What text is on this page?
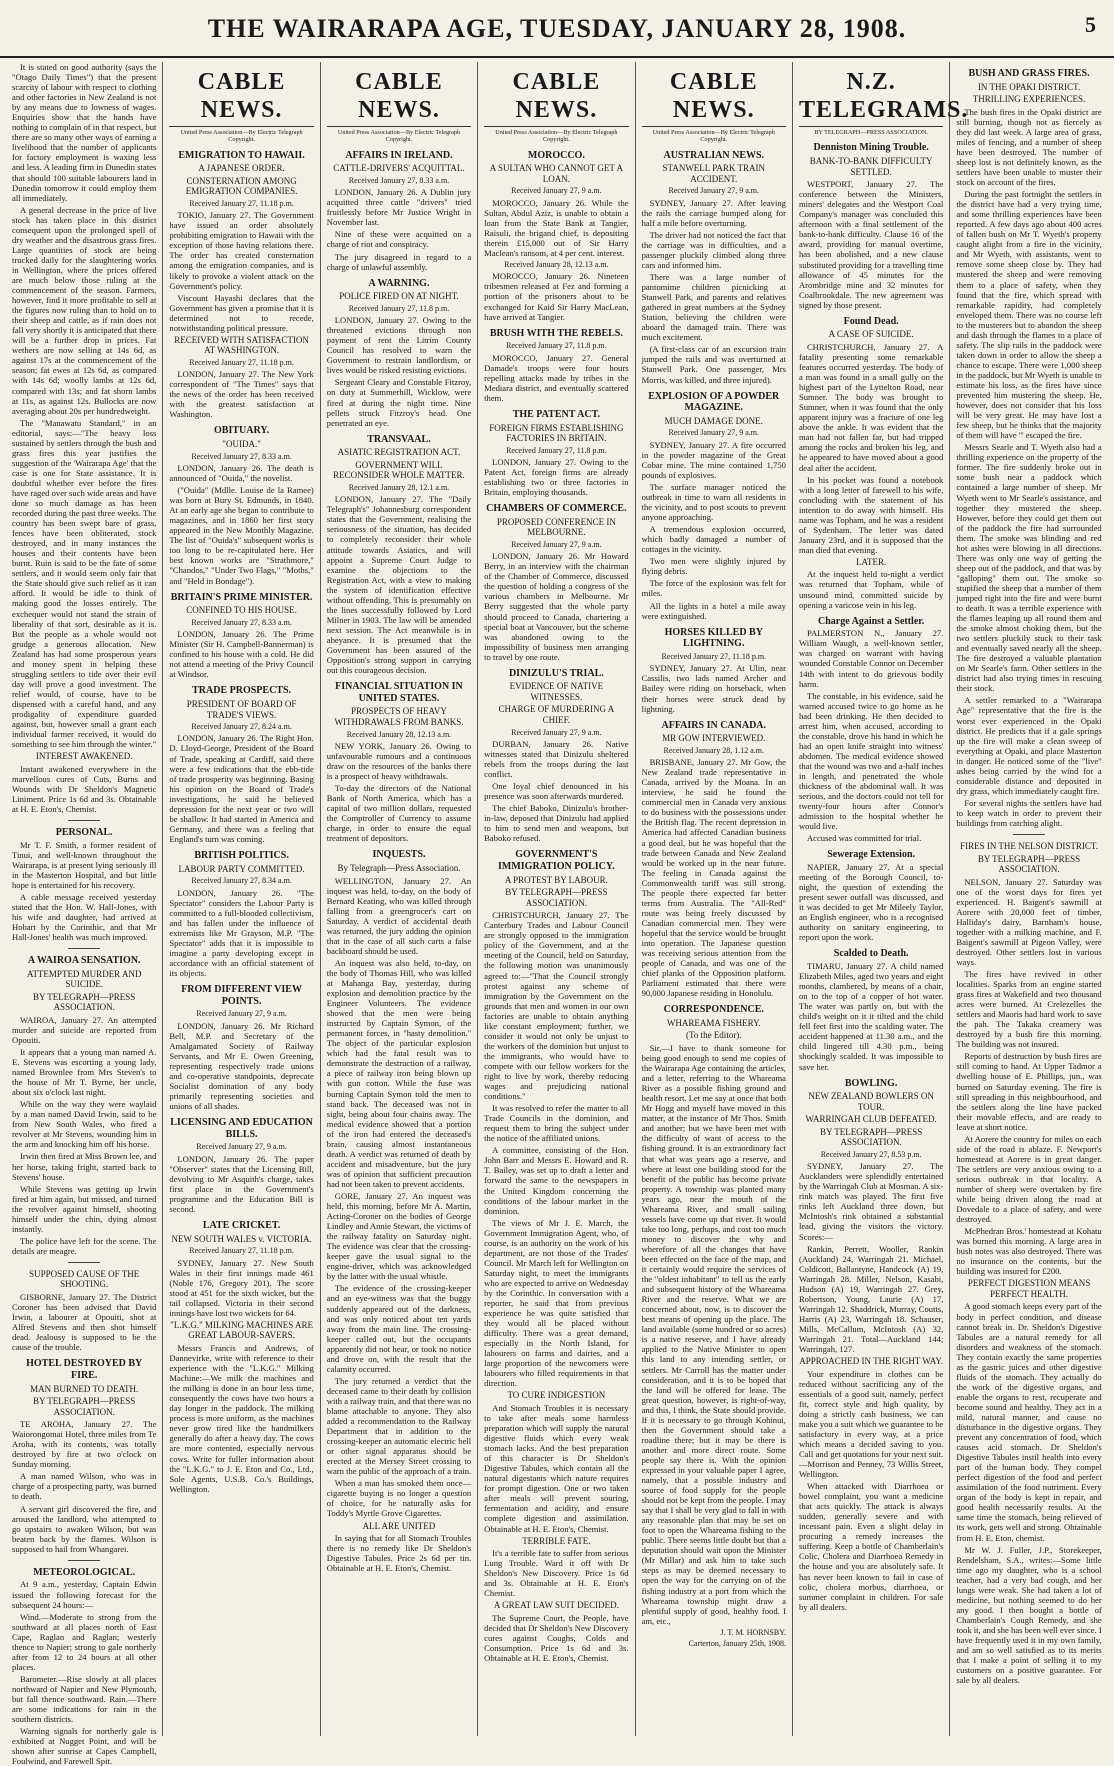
THE WAIRARAPA AGE, TUESDAY, JANUARY 28, 1908.	5

It is stated on good authority (says the "Otago Daily Times") that the present scarcity of labour with respect to clothing and other factories in New Zealand is not by any means due to lowness of wages. Enquiries show that the hands have nothing to complain of in that respect, but there are so many other ways of earning a livelihood that the number of applicants for factory employment is waxing less and less. A leading firm in Dunedin states that should 100 suitable labourers land in Dunedin tomorrow it could employ them all immediately.

A general decrease in the price of live stock has taken place in this district consequent upon the prolonged spell of dry weather and the disastrous grass fires. Large quantities of stock are being trucked daily for the slaughtering works in Wellington, where the prices offered are much below those ruling at the commencement of the season. Farmers, however, find it more profitable to sell at the figures now ruling than to hold on to their sheep and cattle, as if rain does not fall very shortly it is anticipated that there will be a further drop in prices. Fat wethers are now selling at 14s 6d, as against 17s at the commencement of the season; fat ewes at 12s 6d, as compared with 14s 6d; woolly lambs at 12s 6d, compared with 13s; and fat shorn lambs at 11s, as against 12s. Bullocks are now averaging about 20s per hundredweight.

The "Manawatu Standard," in an editorial, says:—"The heavy loss sustained by settlers through the bush and grass fires this year justifies the suggestion of the 'Wairarapa Age' that the case is one for State assistance. It is doubtful whether ever before the fires have raged over such wide areas and have done so much damage as has been recorded during the past three weeks. The country has been swept bare of grass, fences have been obliterated, stock destroyed, and in many instances the houses and their contents have been burnt. Ruin is said to be the fate of some settlers, and it would seem only fair that the State should give such relief as it can afford. It would be idle to think of making good the losses entirely. The exchequer would not stand the strain of liberality of that sort, desirable as it is. But the people as a whole would not grudge a generous allocation. New Zealand has had some prosperous years and money spent in helping these struggling settlers to tide over their evil day will prove a good investment. The relief would, of course, have to be dispensed with a careful hand, and any prodigality of expenditure guarded against, but, however small a grant each individual farmer received, it would do something to see him through the winter."

INTEREST AWAKENED.

Instant awakened everywhere in the marvellous cures of Cuts, Burns and Wounds with Dr Sheldon's Magnetic Liniment. Price 1s 6d and 3s. Obtainable at H. E. Eton's, Chemist.

PERSONAL.

Mr T. F. Smith, a former resident of Tinui, and well-known throughout the Wairarapa, is at present lying seriously ill in the Masterton Hospital, and but little hope is entertained for his recovery.

A cable message received yesterday stated that the Hon. W. Hall-Jones, with his wife and daughter, had arrived at Hobart by the Corinthic, and that Mr Hall-Jones' health was much improved.

A WAIROA SENSATION.
ATTEMPTED MURDER AND SUICIDE.
BY TELEGRAPH—PRESS ASSOCIATION.

WAIROA, January 27. An attempted murder and suicide are reported from Opouiti.

It appears that a young man named A. E. Stevens was escorting a young lady, named Brownlee from Mrs Steven's to the house of Mr T. Byrne, her uncle, about six o'clock last night.

While on the way they were waylaid by a man named David Irwin, said to be from New South Wales, who fired a revolver at Mr Stevens, wounding him in the arm and knocking him off his horse.

Irwin then fired at Miss Brown lee, and her horse, taking fright, started back to Stevens' house.

While Stevens was getting up Irwin fired at him again, but missed, and turned the revolver against himself, shooting himself under the chin, dying almost instantly.

The police have left for the scene. The details are meagre.

SUPPOSED CAUSE OF THE SHOOTING.

GISBORNE, January 27. The District Coroner has been advised that David Irwin, a labourer at Opouiti, shot at Alfred Stevens and then shot himself dead. Jealousy is supposed to be the cause of the trouble.

HOTEL DESTROYED BY FIRE.
MAN BURNED TO DEATH.
BY TELEGRAPH—PRESS ASSOCIATION.

TE AROHA, January 27. The Waiorongomai Hotel, three miles from Te Aroha, with its contents, was totally destroyed by fire at two o'clock on Sunday morning.

A man named Wilson, who was in charge of a prospecting party, was burned to death.

A servant girl discovered the fire, and aroused the landlord, who attempted to go upstairs to awaken Wilson, but was beaten back by the flames. Wilson is supposed to hail from Whangarei.

METEOROLOGICAL.

At 9 a.m., yesterday, Captain Edwin issued the following forecast for the subsequent 24 hours:—

Wind.—Moderate to strong from the southward at all places north of East Cape, Raglan and Raglan; westerly thence to Napier; strong to gale northerly after from 12 to 24 hours at all other places.

Barometer.—Rise slowly at all places northward of Napier and New Plymouth, but fall thence southward. Rain.—There are some indications for rain in the southern districts.

Warning signals for northerly gale is exhibited at Nugget Point, and will be shown after sunrise at Capes Campbell, Foulwind, and Farewell Spit.

CABLE NEWS.
United Press Association—By Electric Telegraph Copyright.
EMIGRATION TO HAWAII.
A JAPANESE ORDER.
CONSTERNATION AMONG EMIGRATION COMPANIES.
Received January 27, 11.18 p.m.

TOKIO, January 27. The Government have issued an order absolutely prohibiting emigration to Hawaii with the exception of those having relations there. The order has created consternation among the emigration companies, and is likely to provoke a violent attack on the Government's policy.

Viscount Hayashi declares that the Government has given a promise that it is determined not to recede, notwithstanding political pressure.

RECEIVED WITH SATISFACTION AT WASHINGTON.
Received January 27, 11.18 p.m.

LONDON, January 27. The New York correspondent of "The Times" says that the news of the order has been received with the greatest satisfaction at Washington.

OBITUARY.
"OUIDA."
Received January 27, 8.33 a.m.

LONDON, January 26. The death is announced of "Ouida," the novelist.

("Ouida" (Mdlle. Louise de la Ramee) was born at Bury St. Edmunds, in 1840. At an early age she began to contribute to magazines, and in 1860 her first story appeared in the New Monthly Magazine. The list of "Ouida's" subsequent works is too long to be re-capitulated here. Her best known works are "Strathmore," "Chandos," "Under Two Flags," "Moths," and "Held in Bondage").

BRITAIN'S PRIME MINISTER.
CONFINED TO HIS HOUSE.
Received January 27, 8.33 a.m.

LONDON, January 26. The Prime Minister (Sir H. Campbell-Bannerman) is confined to his house with a cold. He did not attend a meeting of the Privy Council at Windsor.

TRADE PROSPECTS.
PRESIDENT OF BOARD OF TRADE'S VIEWS.
Received January 27, 8.24 a.m.

LONDON, January 26. The Right Hon. D. Lloyd-George, President of the Board of Trade, speaking at Cardiff, said there were a few indications that the ebb-tide of trade prosperity was beginning. Basing his opinion on the Board of Trade's investigations, he said he believed depression for the next year or two will be shallow. It had started in America and Germany, and there was a feeling that England's turn was coming.

BRITISH POLITICS.
LABOUR PARTY COMMITTED.
Received January 27, 8.34 a.m.

LONDON, January 26. "The Spectator" considers the Labour Party is committed to a full-blooded collectivism, and has fallen under the influence of extremists like Mr Grayson, M.P. "The Spectator" adds that it is impossible to imagine a party developing except in accordance with an official statement of its objects.

FROM DIFFERENT VIEW POINTS.
Received January 27, 9 a.m.

LONDON, January 26. Mr Richard Bell, M.P. and Secretary of the Amalgamated Society of Railway Servants, and Mr E. Owen Greening, representing respectively trade unions and co-operative standpoints, deprecate Socialist domination of any body primarily representing societies and unions of all shades.

LICENSING AND EDUCATION BILLS.
Received January 27, 9 a.m.

LONDON, January 26. The paper "Observer" states that the Licensing Bill, devolving to Mr Asquith's charge, takes first place in the Government's programme and the Education Bill is second.

LATE CRICKET.
NEW SOUTH WALES v. VICTORIA.
Received January 27, 11.18 p.m.

SYDNEY, January 27. New South Wales in their first innings made 461 (Noble 176, Gregory 201). The score stood at 451 for the sixth wicket, but the tail collapsed. Victoria in their second innings have lost two wickets for 64.

"L.K.G." MILKING MACHINES ARE GREAT LABOUR-SAVERS.

Messrs Francis and Andrews, of Dannevirke, write with reference to their experience with the "L.K.G." Milking Machine:—We milk the machines and the milking is done in an hour less time, consequently the cows have two hours a day longer in the paddock. The milking process is more uniform, as the machines never grow tired like the handmilkers generally do after a heavy day. The cows are more contented, especially nervous cows. Write for fuller information about the "L.K.G." to J. E. Eton and Co., Ltd., Sole Agents, U.S.B. Co.'s Buildings, Wellington.

CABLE NEWS.
United Press Association—By Electric Telegraph Copyright.
AFFAIRS IN IRELAND.
CATTLE-DRIVERS' ACQUITTAL.
Received January 27, 8.33 a.m.

LONDON, January 26. A Dublin jury acquitted three cattle "drivers" tried fruitlessly before Mr Justice Wright in November last.

Nine of these were acquitted on a charge of riot and conspiracy.

The jury disagreed in regard to a charge of unlawful assembly.

A WARNING.
POLICE FIRED ON AT NIGHT.
Received January 27, 11.8 p.m.

LONDON, January 27. Owing to the threatened evictions through non payment of rent the Litrim County Council has resolved to warn the Government to restrain landlordism, or lives would be risked resisting evictions.

Sergeant Cleary and Constable Fitzroy, on duty at Summerhill, Wicklow, were fired at during the night time. Nine pellets struck Fitzroy's head. One penetrated an eye.

TRANSVAAL.
ASIATIC REGISTRATION ACT.
GOVERNMENT WILL RECONSIDER WHOLE MATTER.
Received January 28, 12.1 a.m.

LONDON, January 27. The "Daily Telegraph's" Johannesburg correspondent states that the Government, realising the seriousness of the situation, has decided to completely reconsider their whole attitude towards Asiatics, and will appoint a Supreme Court Judge to examine the objections to the Registration Act, with a view to making the system of identification effective without offending. This is presumably on the lines successfully followed by Lord Milner in 1903. The law will be amended next session. The Act meanwhile is in abeyance. It is presumed that the Government has been assured of the Opposition's strong support in carrying out this courageous decision.

FINANCIAL SITUATION IN UNITED STATES.
PROSPECTS OF HEAVY WITHDRAWALS FROM BANKS.
Received January 28, 12.13 a.m.

NEW YORK, January 26. Owing to unfavourable rumours and a continuous draw on the resources of the banks there is a prospect of heavy withdrawals.

To-day the directors of the National Bank of North America, which has a capital of two million dollars, requested the Comptroller of Currency to assume charge, in order to ensure the equal treatment of depositors.

INQUESTS.
By Telegraph—Press Association.

WELLINGTON, January 27. An inquest was held, to-day, on the body of Bernard Keating, who was killed through falling from a greengrocer's cart on Saturday. A verdict of accidental death was returned, the jury adding the opinion that in the case of all such carts a false backboard should be used.

An inquest was also held, to-day, on the body of Thomas Hill, who was killed at Mahanga Bay, yesterday, during explosion and demolition practice by the Engineer Volunteers. The evidence showed that the men were being instructed by Captain Symon, of the permanent forces, in "hasty demolition." The object of the particular explosion which had the fatal result was to demonstrate the destruction of a railway, a piece of railway iron being blown up with gun cotton. While the fuse was burning Captain Symon told the men to stand back. The deceased was not in sight, being about four chains away. The medical evidence showed that a portion of the iron had entered the deceased's brain, causing almost instantaneous death. A verdict was returned of death by accident and misadventure, but the jury was of opinion that sufficient precaution had not been taken to prevent accidents.

GORE, January 27. An inquest was held, this morning, before Mr A. Martin, Acting-Coroner on the bodies of George Lindley and Annie Stewart, the victims of the railway fatality on Saturday night. The evidence was clear that the crossing-keeper gave the usual signal to the engine-driver, which was acknowledged by the latter with the usual whistle.

The evidence of the crossing-keeper and an eye-witness was that the buggy suddenly appeared out of the darkness, and was only noticed about ten yards away from the main line. The crossing-keeper called out, but the occupants apparently did not hear, or took no notice and drove on, with the result that the calamity occurred.

The jury returned a verdict that the deceased came to their death by collision with a railway train, and that there was no blame attachable to anyone. They also added a recommendation to the Railway Department that in addition to the crossing-keeper an automatic electric bell or other signal apparatus should be erected at the Mersey Street crossing to warn the public of the approach of a train.

When a man has smoked them once—cigarette buying is no longer a question of choice, for he naturally asks for Toddy's Myrtle Grove Cigarettes.

ALL ARE UNITED

In saying that for all Stomach Troubles there is no remedy like Dr Sheldon's Digestive Tabules. Price 2s 6d per tin. Obtainable at H. E. Eton's, Chemist.

CABLE NEWS.
United Press Association—By Electric Telegraph Copyright.
MOROCCO.
A SULTAN WHO CANNOT GET A LOAN.
Received January 27, 9 a.m.

MOROCCO, January 26. While the Sultan, Abdul Aziz, is unable to obtain a loan from the State Bank at Tangier, Raisuli, the brigand chief, is depositing therein £15,000 out of Sir Harry Maclean's ransom, at 4 per cent. interest.

Received January 28, 12.13 a.m.

MOROCCO, January 26. Nineteen tribesmen released at Fez and forming a portion of the prisoners about to be exchanged for Kaid Sir Harry MacLean, have arrived at Tangier.

BRUSH WITH THE REBELS.
Received January 27, 11.8 p.m.

MOROCCO, January 27. General Damade's troops were four hours repelling attacks made by tribes in the Mediara district, and eventually scattered them.

THE PATENT ACT.
FOREIGN FIRMS ESTABLISHING FACTORIES IN BRITAIN.
Received January 27, 11.8 p.m.

LONDON, January 27. Owing to the Patent Act, foreign firms are already establishing two or three factories in Britain, employing thousands.

CHAMBERS OF COMMERCE.
PROPOSED CONFERENCE IN MELBOURNE.
Received January 27, 9 a.m.

LONDON, January 26. Mr Howard Berry, in an interview with the chairman of the Chamber of Commerce, discussed the question of holding a congress of the various chambers in Melbourne. Mr Berry suggested that the whole party should proceed to Canada, chartering a special boat at Vancouver, but the scheme was abandoned owing to the impossibility of business men arranging to travel by one route.

DINIZULU'S TRIAL.
EVIDENCE OF NATIVE WITNESSES.
CHARGE OF MURDERING A CHIEF.
Received January 27, 9 a.m.

DURBAN, January 26. Native witnesses stated that Dinizulu sheltered rebels from the troops during the last conflict.

One loyal chief denounced in his presence was soon afterwards murdered.

The chief Baboko, Dinizulu's brother-in-law, deposed that Dinizulu had applied to him to send men and weapons, but Baboko refused.

GOVERNMENT'S IMMIGRATION POLICY.
A PROTEST BY LABOUR.
BY TELEGRAPH—PRESS ASSOCIATION.

CHRISTCHURCH, January 27. The Canterbury Trades and Labour Council are strongly opposed to the immigration policy of the Government, and at the meeting of the Council, held on Saturday, the following motion was unanimously agreed to:—"That the Council strongly protest against any scheme of immigration by the Government on the grounds that men and women in our own factories are unable to obtain anything like constant employment; further, we consider it would not only be unjust to the workers of the dominion but unjust to the immigrants, who would have to compete with our fellow workers for the right to live by work, thereby reducing wages and prejudicing national conditions."

It was resolved to refer the matter to all Trade Councils in the dominion, and request them to bring the subject under the notice of the affiliated unions.

A committee, consisting of the Hon. John Barr and Messrs E. Howard and R. T. Bailey, was set up to draft a letter and forward the same to the newspapers in the United Kingdom concerning the conditions of the labour market in the dominion.

The views of Mr J. E. March, the Government Immigration Agent, who, of course, is an authority on the work of his department, are not those of the Trades' Council. Mr March left for Wellington on Saturday night, to meet the immigrants who are expected to arrive on Wednesday by the Corinthic. In conversation with a reporter, he said that from previous experience he was quite satisfied that they would all be placed without difficulty. There was a great demand, especially in the North Island, for labourers on farms and dairies, and a large proportion of the newcomers were labourers who filled requirements in that direction.

TO CURE INDIGESTION

And Stomach Troubles it is necessary to take after meals some harmless preparation which will supply the natural digestive fluids which every weak stomach lacks. And the best preparation of this character is Dr Sheldon's Digestive Tabules, which contain all the natural digestants which nature requires for prompt digestion. One or two taken after meals will prevent souring, fermentation and acidity, and ensure complete digestion and assimilation. Obtainable at H. E. Eton's, Chemist.

TERRIBLE FATE.

It's a terrible fate to suffer from serious Lung Trouble. Ward it off with Dr Sheldon's New Discovery. Price 1s 6d and 3s. Obtainable at H. E. Eton's Chemist.

A GREAT LAW SUIT DECIDED.

The Supreme Court, the People, have decided that Dr Sheldon's New Discovery cures against Coughs, Colds and Consumption. Price 1s 6d and 3s. Obtainable at H. E. Eton's, Chemist.

CABLE NEWS.
United Press Association—By Electric Telegraph Copyright.
AUSTRALIAN NEWS.
STANWELL PARK TRAIN ACCIDENT.
Received January 27, 9 a.m.

SYDNEY, January 27. After leaving the rails the carriage bumped along for half a mile before overturning.

The driver had not noticed the fact that the carriage was in difficulties, and a passenger pluckily climbed along three cars and informed him.

There was a large number of pantomime children picnicking at Stanwell Park, and parents and relatives gathered in great numbers at the Sydney Station, believing the children were aboard the damaged train. There was much excitement.

(A first-class car of an excursion train jumped the rails and was overturned at Stanwell Park. One passenger, Mrs Morris, was killed, and three injured).

EXPLOSION OF A POWDER MAGAZINE.
MUCH DAMAGE DONE.
Received January 27, 9 a.m.

SYDNEY, January 27. A fire occurred in the powder magazine of the Great Cobar mine. The mine contained 1,750 pounds of explosives.

The surface manager noticed the outbreak in time to warn all residents in the vicinity, and to post scouts to prevent anyone approaching.

A tremendous explosion occurred, which badly damaged a number of cottages in the vicinity.

Two men were slightly injured by flying debris.

The force of the explosion was felt for miles.

All the lights in a hotel a mile away were extinguished.

HORSES KILLED BY LIGHTNING.
Received January 27, 11.18 p.m.

SYDNEY, January 27. At Ulin, near Cassilis, two lads named Archer and Bailey were riding on horseback, when their horses were struck dead by lightning.

AFFAIRS IN CANADA.
MR GOW INTERVIEWED.
Received January 28, 1.12 a.m.

BRISBANE, January 27. Mr Gow, the New Zealand trade representative in Canada, arrived by the Moana. In an interview, he said he found the commercial men in Canada very anxious to do business with the possessions under the British flag. The recent depression in America had affected Canadian business a good deal, but he was hopeful that the trade between Canada and New Zealand would be worked up in the near future. The feeling in Canada against the Commonwealth tariff was still strong. The people there expected far better terms from Australia. The "All-Red" route was being freely discussed by Canadian commercial men. They were hopeful that the service would be brought into operation. The Japanese question was receiving serious attention from the people of Canada, and was one of the chief planks of the Opposition platform. Parliament estimated that there were 90,000 Japanese residing in Honolulu.

CORRESPONDENCE.
WHAREAMA FISHERY.
(To the Editor).

Sir,—I have to thank someone for being good enough to send me copies of the Wairarapa Age containing the articles, and a letter, referring to the Whareama River as a possible fishing ground and health resort. Let me say at once that both Mr Hogg and myself have moved in this matter, at the instance of Mr Thos. Smith and another; but we have been met with the difficulty of want of access to the fishing ground. It is an extraordinary fact that what was years ago a reserve, and where at least one building stood for the benefit of the public has become private property. A township was planted many years ago, near the mouth of the Whareama River, and small sailing vessels have come up that river. It would take too long, perhaps, and cost too much money to discover the why and wherefore of all the changes that have been effected on the face of the map, and it certainly would require the services of the "oldest inhabitant" to tell us the early and subsequent history of the Whareama River and the reserve. What we are concerned about, now, is to discover the best means of opening up the place. The land available (some hundred or so acres) is a native reserve, and I have already applied to the Native Minister to open this land to any intending settler, or settlers. Mr Carroll has the matter under consideration, and it is to be hoped that the land will be offered for lease. The great question, however, is right-of-way, and this, I think, the State should provide. If it is necessary to go through Kohinui, then the Government should take a roadline there; but it may be there is another and more direct route. Some people say there is. With the opinion expressed in your valuable paper I agree, namely, that a possible industry and source of food supply for the people should not be kept from the people. I may say that I shall be very glad to fall in with any reasonable plan that may be set on foot to open the Whareama fishing to the public. There seems little doubt but that a deputation should wait upon the Minister (Mr Millar) and ask him to take such steps as may be deemed necessary to open the way for the carrying on of the fishing industry at a port from which the Whareama township might draw a plentiful supply of good, healthy food. I am, etc.,

J. T. M. HORNSBY.
Carterton, January 25th, 1908.
N.Z. TELEGRAMS.
BY TELEGRAPH—PRESS ASSOCIATION.
Denniston Mining Trouble.
BANK-TO-BANK DIFFICULTY SETTLED.

WESTPORT, January 27. The conference between the Ministers, miners' delegates and the Westport Coal Company's manager was concluded this afternoon with a final settlement of the bank-to-bank difficulty. Clause 16 of the award, providing for manual overtime, has been abolished, and a new clause substituted providing for a travelling time allowance of 45 minutes for the Arombridge mine and 32 minutes for Coalbrookdale. The new agreement was signed by those present.

Found Dead.
A CASE OF SUICIDE.

CHRISTCHURCH, January 27. A fatality presenting some remarkable features occurred yesterday. The body of a man was found in a small gully on the highest part of the Lyttelton Road, near Sumner. The body was brought to Sumner, when it was found that the only apparent injury was a fracture of one leg above the ankle. It was evident that the man had not fallen far, but had tripped among the rocks and broken his leg, and he appeared to have moved about a good deal after the accident.

In his pocket was found a notebook with a long letter of farewell to his wife, concluding with the statement of his intention to do away with himself. His name was Topham, and he was a resident of Sydenham. The letter was dated January 23rd, and it is supposed that the man died that evening.

LATER.

At the inquest held to-night a verdict was returned that Topham, while of unsound mind, committed suicide by opening a varicose vein in his leg.

Charge Against a Settler.

PALMERSTON N., January 27. William Waugh, a well-known settler, was charged on warrant with having wounded Constable Connor on December 14th with intent to do grievous bodily harm.

The constable, in his evidence, said he warned accused twice to go home as he had been drinking. He then decided to arrest him, when accused, according to the constable, drove his hand in which he had an open knife straight into witness' abdomen. The medical evidence showed that the wound was two and a-half inches in length, and penetrated the whole thickness of the abdominal wall. It was serious, and the doctors could not tell for twenty-four hours after Connor's admission to the hospital whether he would live.

Accused was committed for trial.

Sewerage Extension.

NAPIER, January 27. At a special meeting of the Borough Council, to-night, the question of extending the present sewer outfall was discussed, and it was decided to get Mr Mileely Taylor, an English engineer, who is a recognised authority on sanitary engineering, to report upon the work.

Scalded to Death.

TIMARU, January 27. A child named Elizabeth Miles, aged two years and eight months, clambered, by means of a chair, on to the top of a copper of hot water. The water was partly on, but with the child's weight on it it tilted and the child fell feet first into the scalding water. The accident happened at 11.30 a.m., and the child lingered till 4.30 p.m., being shockingly scalded. It was impossible to save her.

BOWLING.
NEW ZEALAND BOWLERS ON TOUR.
WARRINGAH CLUB DEFEATED.
BY TELEGRAPH—PRESS ASSOCIATION.
Received January 27, 8.53 p.m.

SYDNEY, January 27. The Aucklanders were splendidly entertained by the Warringah Club at Mosman. A six-rink match was played. The first five rinks left Auckland three down, but McIntosh's rink obtained a substantial lead, giving the visitors the victory. Scores:—

Rankin, Perrett, Wooller, Rankin (Auckland) 24, Warringah 21. Michael, Coldicott, Ballantyne, Handcock (A) 19, Warringah 28. Miller, Nelson, Kasabi, Hudson (A) 19, Warringah 27. Grey, Robertson, Young, Laurie (A) 17, Warringah 12. Shaddrick, Murray, Coutts, Harris (A) 23, Warringah 18. Schauser, Mills, McCallum, McIntosh (A) 32, Warringah 21. Total—Auckland 144; Warringah, 127.

APPROACHED IN THE RIGHT WAY.

Your expenditure in clothes can be reduced without sacrificing any of the essentials of a good suit, namely, perfect fit, correct style and high quality, by doing a strictly cash business, we can make you a suit which we guarantee to be satisfactory in every way, at a price which means a decided saving to you. Call and get quotations for your next suit.—Morrison and Penney, 73 Willis Street, Wellington.

When attacked with Diarrhoea or bowel complaint, you want a medicine that acts quickly. The attack is always sudden, generally severe and with incessant pain. Even a slight delay in procuring a remedy increases the suffering. Keep a bottle of Chamberlain's Colic, Cholera and Diarrhoea Remedy in the house and you are absolutely safe. It has never been known to fail in case of colic, cholera morbus, diarrhoea, or summer complaint in children. For sale by all dealers.

BUSH AND GRASS FIRES.
IN THE OPAKI DISTRICT.
THRILLING EXPERIENCES.

The bush fires in the Opaki district are still burning, though not as fiercely as they did last week. A large area of grass, miles of fencing, and a number of sheep have been destroyed. The number of sheep lost is not definitely known, as the settlers have been unable to muster their stock on account of the fires.

During the past fortnight the settlers in the district have had a very trying time, and some thrilling experiences have been reported. A few days ago about 400 acres of fallen bush on Mr T. Wyeth's property caught alight from a fire in the vicinity, and Mr Wyeth, with assistants, went to remove some sheep close by. They had mustered the sheep and were removing them to a place of safety, when they found that the fire, which spread with remarkable rapidity, had completely enveloped them. There was no course left to the musterers but to abandon the sheep and dash through the flames to a place of safety. The slip rails in the paddock were taken down in order to allow the sheep a chance to escape. There were 1,000 sheep in the paddock, but Mr Wyeth is unable to estimate his loss, as the fires have since prevented him mustering the sheep. He, however, does not consider that his loss will be very great. He may have lost a few sheep, but he thinks that the majority of them will have ''' escaped the fire.

Messrs Searle and T. Wyeth also had a thrilling experience on the property of the former. The fire suddenly broke out in some bush near a paddock which contained a large number of sheep. Mr Wyeth went to Mr Searle's assistance, and together they mustered the sheep. However, before they could get them out of the paddock the fire had surrounded them. The smoke was blinding and red hot ashes were blowing in all directions. There was only one way of getting the sheep out of the paddock, and that was by "galloping" them out. The smoke so stupified the sheep that a number of them jumped right into the fire and were burnt to death. It was a terrible experience with the flames leaping up all round them and the smoke almost choking them, but the two settlers pluckily stuck to their task and eventually saved nearly all the sheep. The fire destroyed a valuable plantation on Mr Searle's farm. Other settlers in the district had also trying times in rescuing their stock.

A settler remarked to a "Wairarapa Age" representative that the fire is the worst ever experienced in the Opaki district. He predicts that if a gale springs up the fire will make a clean sweep of everything at Opaki, and place Masterton in danger. He noticed some of the "live" ashes being carried by the wind for a considerable distance and deposited in dry grass, which immediately caught fire.

For several nights the settlers have had to keep watch in order to prevent their buildings from catching alight.

FIRES IN THE NELSON DISTRICT.
BY TELEGRAPH—PRESS ASSOCIATION.

NELSON, January 27. Saturday was one of the worst days for fires yet experienced. H. Baigent's sawmill at Aorere with 20,000 feet of timber, Halliday's dairy, Barnham's house, together with a milking machine, and F. Baigent's sawmill at Pigeon Valley, were destroyed. Other settlers lost in various ways.

The fires have revived in other localities. Sparks from an engine started grass fires at Wakefield and two thousand acres were burned. At Crelezelles the settlers and Maoris had hard work to save the pah. The Takaka creamery was destroyed by a bush fire this morning. The building was not insured.

Reports of destruction by bush fires are still coming to hand. At Upper Tadmor a dwelling house of E. Phillips, jun., was burned on Saturday evening. The fire is still spreading in this neighbourhood, and the settlers along the line have packed their movable effects, and are ready to leave at short notice.

At Aorere the country for miles on each side of the road is ablaze. F. Newport's homestead at Aorere is in great danger. The settlers are very anxious owing to a serious outbreak in that locality. A number of sheep were overtaken by fire while being driven along the road at Dovedale to a place of safety, and were destroyed.

McPhedran Bros.' homestead at Kohatu was burned this morning. A large area in bush notes was also destroyed. There was no insurance on the contents, but the building was insured for £200.

PERFECT DIGESTION MEANS PERFECT HEALTH.

A good stomach keeps every part of the body in perfect condition, and disease cannot break in. Dr. Sheldon's Digestive Tabules are a natural remedy for all disorders and weakness of the stomach. They contain exactly the same properties as the gastric juices and other digestive fluids of the stomach. They actually do the work of the digestive organs, and enable the organs to rest, recuperate and become sound and healthy. They act in a mild, natural manner, and cause no disturbance in the digestive organs. They prevent any concentration of food, which causes acid stomach. Dr Sheldon's Digestive Tabules instil health into every part of the human body. They compel perfect digestion of the food and perfect assimilation of the food nutriment. Every organ of the body is kept in repair, and good health necessarily results. At the same time the stomach, being relieved of its work, gets well and strong. Obtainable from H. E. Eton, chemist.

Mr W. J. Fuller, J.P., Storekeeper, Rendelsham, S.A., writes:—Some little time ago my daughter, who is a school teacher, had a very bad cough, and her lungs were weak. She had taken a lot of medicine, but nothing seemed to do her any good. I then bought a bottle of Chamberlain's Cough Remedy, and she took it, and she has been well ever since. I have frequently used it in my own family, and am so well satisfied as to its merits that I make a point of selling it to my customers on a positive guarantee. For sale by all dealers.
